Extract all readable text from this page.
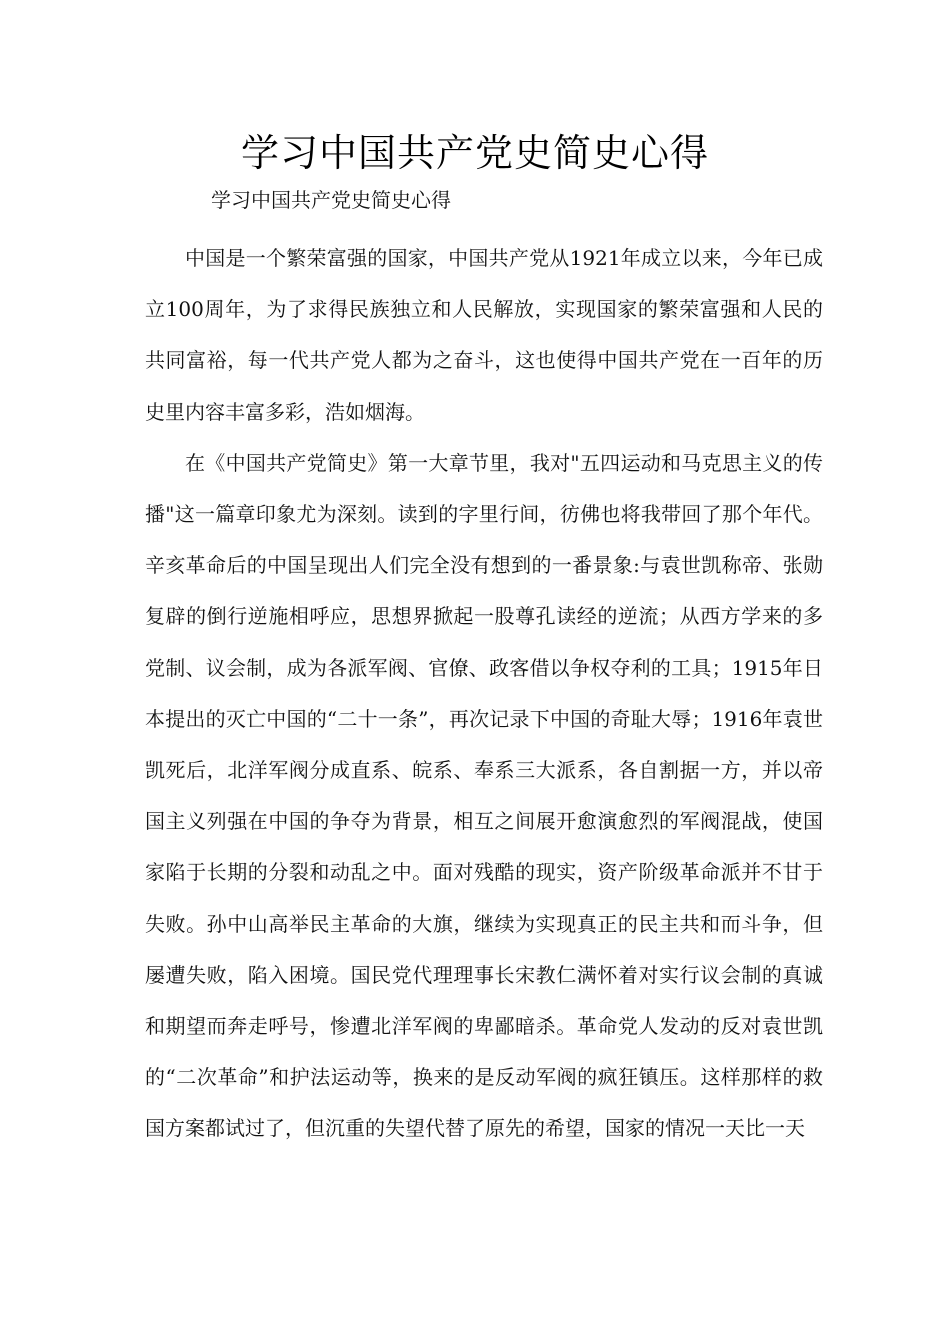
学习中国共产党史简史心得
学习中国共产党史简史心得

中国是一个繁荣富强的国家，中国共产党从1921年成立以来，今年已成立100周年，为了求得民族独立和人民解放，实现国家的繁荣富强和人民的共同富裕，每一代共产党人都为之奋斗，这也使得中国共产党在一百年的历史里内容丰富多彩，浩如烟海。

在《中国共产党简史》第一大章节里，我对"五四运动和马克思主义的传播"这一篇章印象尤为深刻。读到的字里行间，彷佛也将我带回了那个年代。辛亥革命后的中国呈现出人们完全没有想到的一番景象:与袁世凯称帝、张勋复辟的倒行逆施相呼应，思想界掀起一股尊孔读经的逆流；从西方学来的多党制、议会制，成为各派军阀、官僚、政客借以争权夺利的工具；1915年日本提出的灭亡中国的“二十一条”，再次记录下中国的奇耻大辱；1916年袁世凯死后，北洋军阀分成直系、皖系、奉系三大派系，各自割据一方，并以帝国主义列强在中国的争夺为背景，相互之间展开愈演愈烈的军阀混战，使国家陷于长期的分裂和动乱之中。面对残酷的现实，资产阶级革命派并不甘于失败。孙中山高举民主革命的大旗，继续为实现真正的民主共和而斗争，但屡遭失败，陷入困境。国民党代理理事长宋教仁满怀着对实行议会制的真诚和期望而奔走呼号，惨遭北洋军阀的卑鄙暗杀。革命党人发动的反对袁世凯的“二次革命”和护法运动等，换来的是反动军阀的疯狂镇压。这样那样的救国方案都试过了，但沉重的失望代替了原先的希望，国家的情况一天比一天
